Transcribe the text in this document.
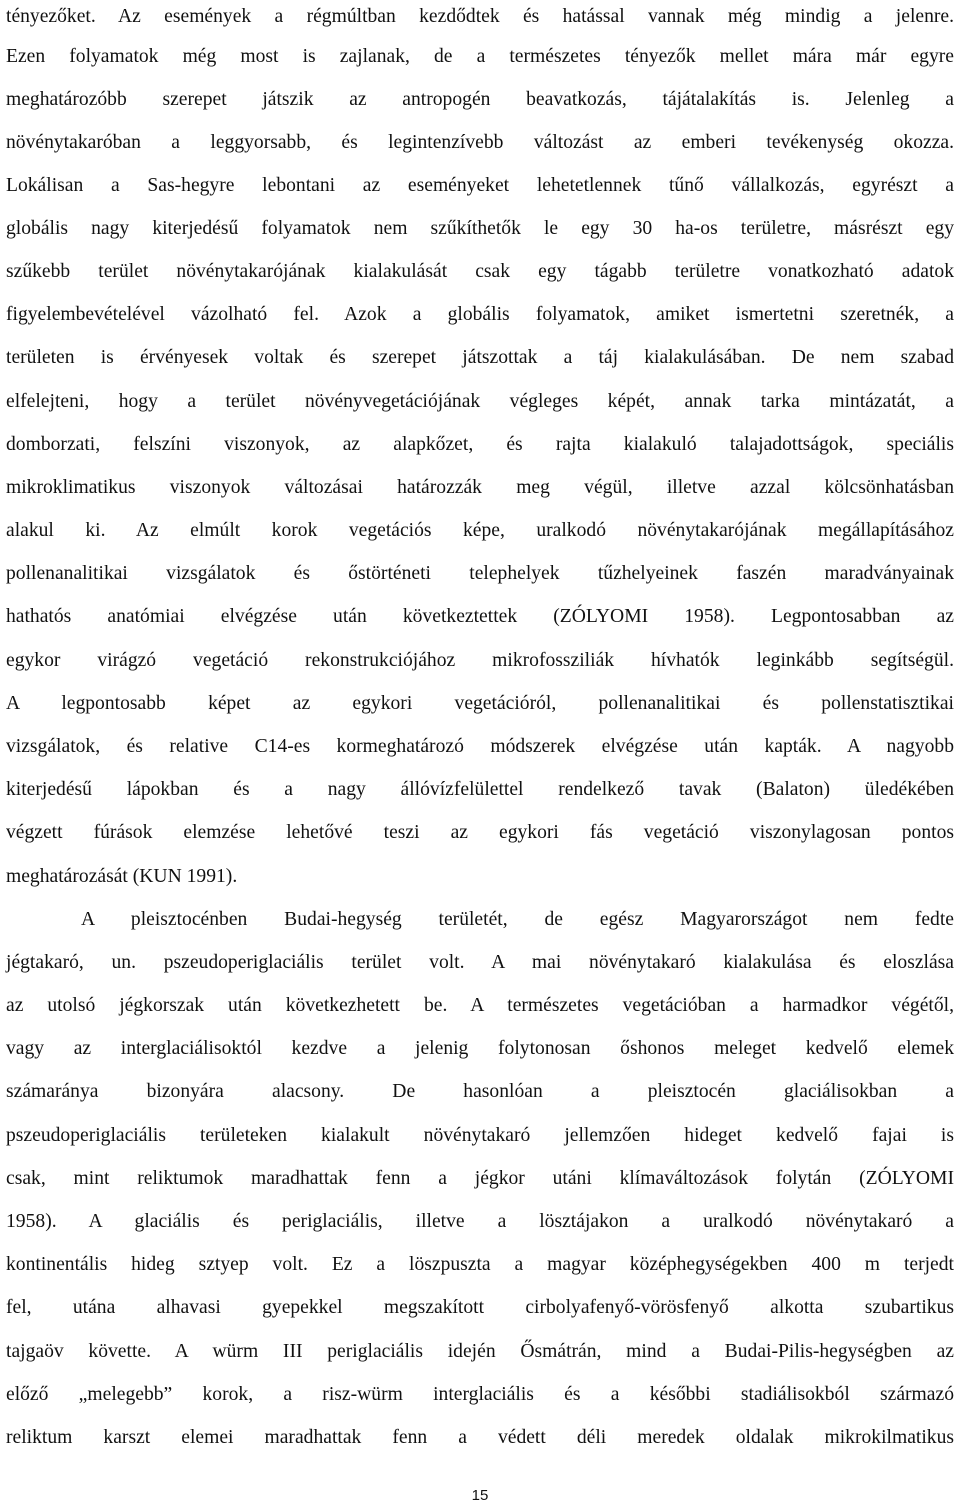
tényezőket. Az események a régmúltban kezdődtek és hatással vannak még mindig a jelenre.
Ezen folyamatok még most is zajlanak, de a természetes tényezők mellet mára már egyre
meghatározóbb szerepet játszik az antropogén beavatkozás, tájátalakítás is. Jelenleg a
növénytakaróban a leggyorsabb, és legintenzívebb változást az emberi tevékenység okozza.
Lokálisan a Sas-hegyre lebontani az eseményeket lehetetlennek tűnő vállalkozás, egyrészt a
globális nagy kiterjedésű folyamatok nem szűkíthetők le egy 30 ha-os területre, másrészt egy
szűkebb terület növénytakarójának kialakulását csak egy tágabb területre vonatkozható adatok
figyelembevételével vázolható fel. Azok a globális folyamatok, amiket ismertetni szeretnék, a
területen is érvényesek voltak és szerepet játszottak a táj kialakulásában. De nem szabad
elfelejteni, hogy a terület növényvegetációjának végleges képét, annak tarka mintázatát, a
domborzati, felszíni viszonyok, az alapkőzet, és rajta kialakuló talajadottságok, speciális
mikroklimatikus viszonyok változásai határozzák meg végül, illetve azzal kölcsönhatásban
alakul ki. Az elmúlt korok vegetációs képe, uralkodó növénytakarójának megállapításához
pollenanalitikai vizsgálatok és őstörténeti telephelyek tűzhelyeinek faszén maradványainak
hathatós anatómiai elvégzése után következtettek (ZÓLYOMI 1958). Legpontosabban az
egykor virágzó vegetáció rekonstrukciójához mikrofossziliák hívhatók leginkább segítségül.
A legpontosabb képet az egykori vegetációról, pollenanalitikai és pollenstatisztikai
vizsgálatok, és relative C14-es kormeghatározó módszerek elvégzése után kapták. A nagyobb
kiterjedésű lápokban és a nagy állóvízfelülettel rendelkező tavak (Balaton) üledékében
végzett fúrások elemzése lehetővé teszi az egykori fás vegetáció viszonylagosan pontos
meghatározását (KUN 1991).
A pleisztocénben Budai-hegység területét, de egész Magyarországot nem fedte
jégtakaró, un. pszeudoperiglaciális terület volt. A mai növénytakaró kialakulása és eloszlása
az utolsó jégkorszak után következhetett be. A természetes vegetációban a harmadkor végétől,
vagy az interglaciálisoktól kezdve a jelenig folytonosan őshonos meleget kedvelő elemek
számaránya bizonyára alacsony. De hasonlóan a pleisztocén glaciálisokban a
pszeudoperiglaciális területeken kialakult növénytakaró jellemzően hideget kedvelő fajai is
csak, mint reliktumok maradhattak fenn a jégkor utáni klímaváltozások folytán (ZÓLYOMI
1958). A glaciális és periglaciális, illetve a lösztájakon a uralkodó növénytakaró a
kontinentális hideg sztyep volt. Ez a löszpuszta a magyar középhegységekben 400 m terjedt
fel, utána alhavasi gyepekkel megszakított cirbolyafenyő-vörösfenyő alkotta szubartikus
tajgaöv követte. A würm III periglaciális idején Ősmátrán, mind a Budai-Pilis-hegységben az
előző „melegebb” korok, a risz-würm interglaciális és a későbbi stadiálisokból származó
reliktum karszt elemei maradhattak fenn a védett déli meredek oldalak mikrokilmatikus
15
